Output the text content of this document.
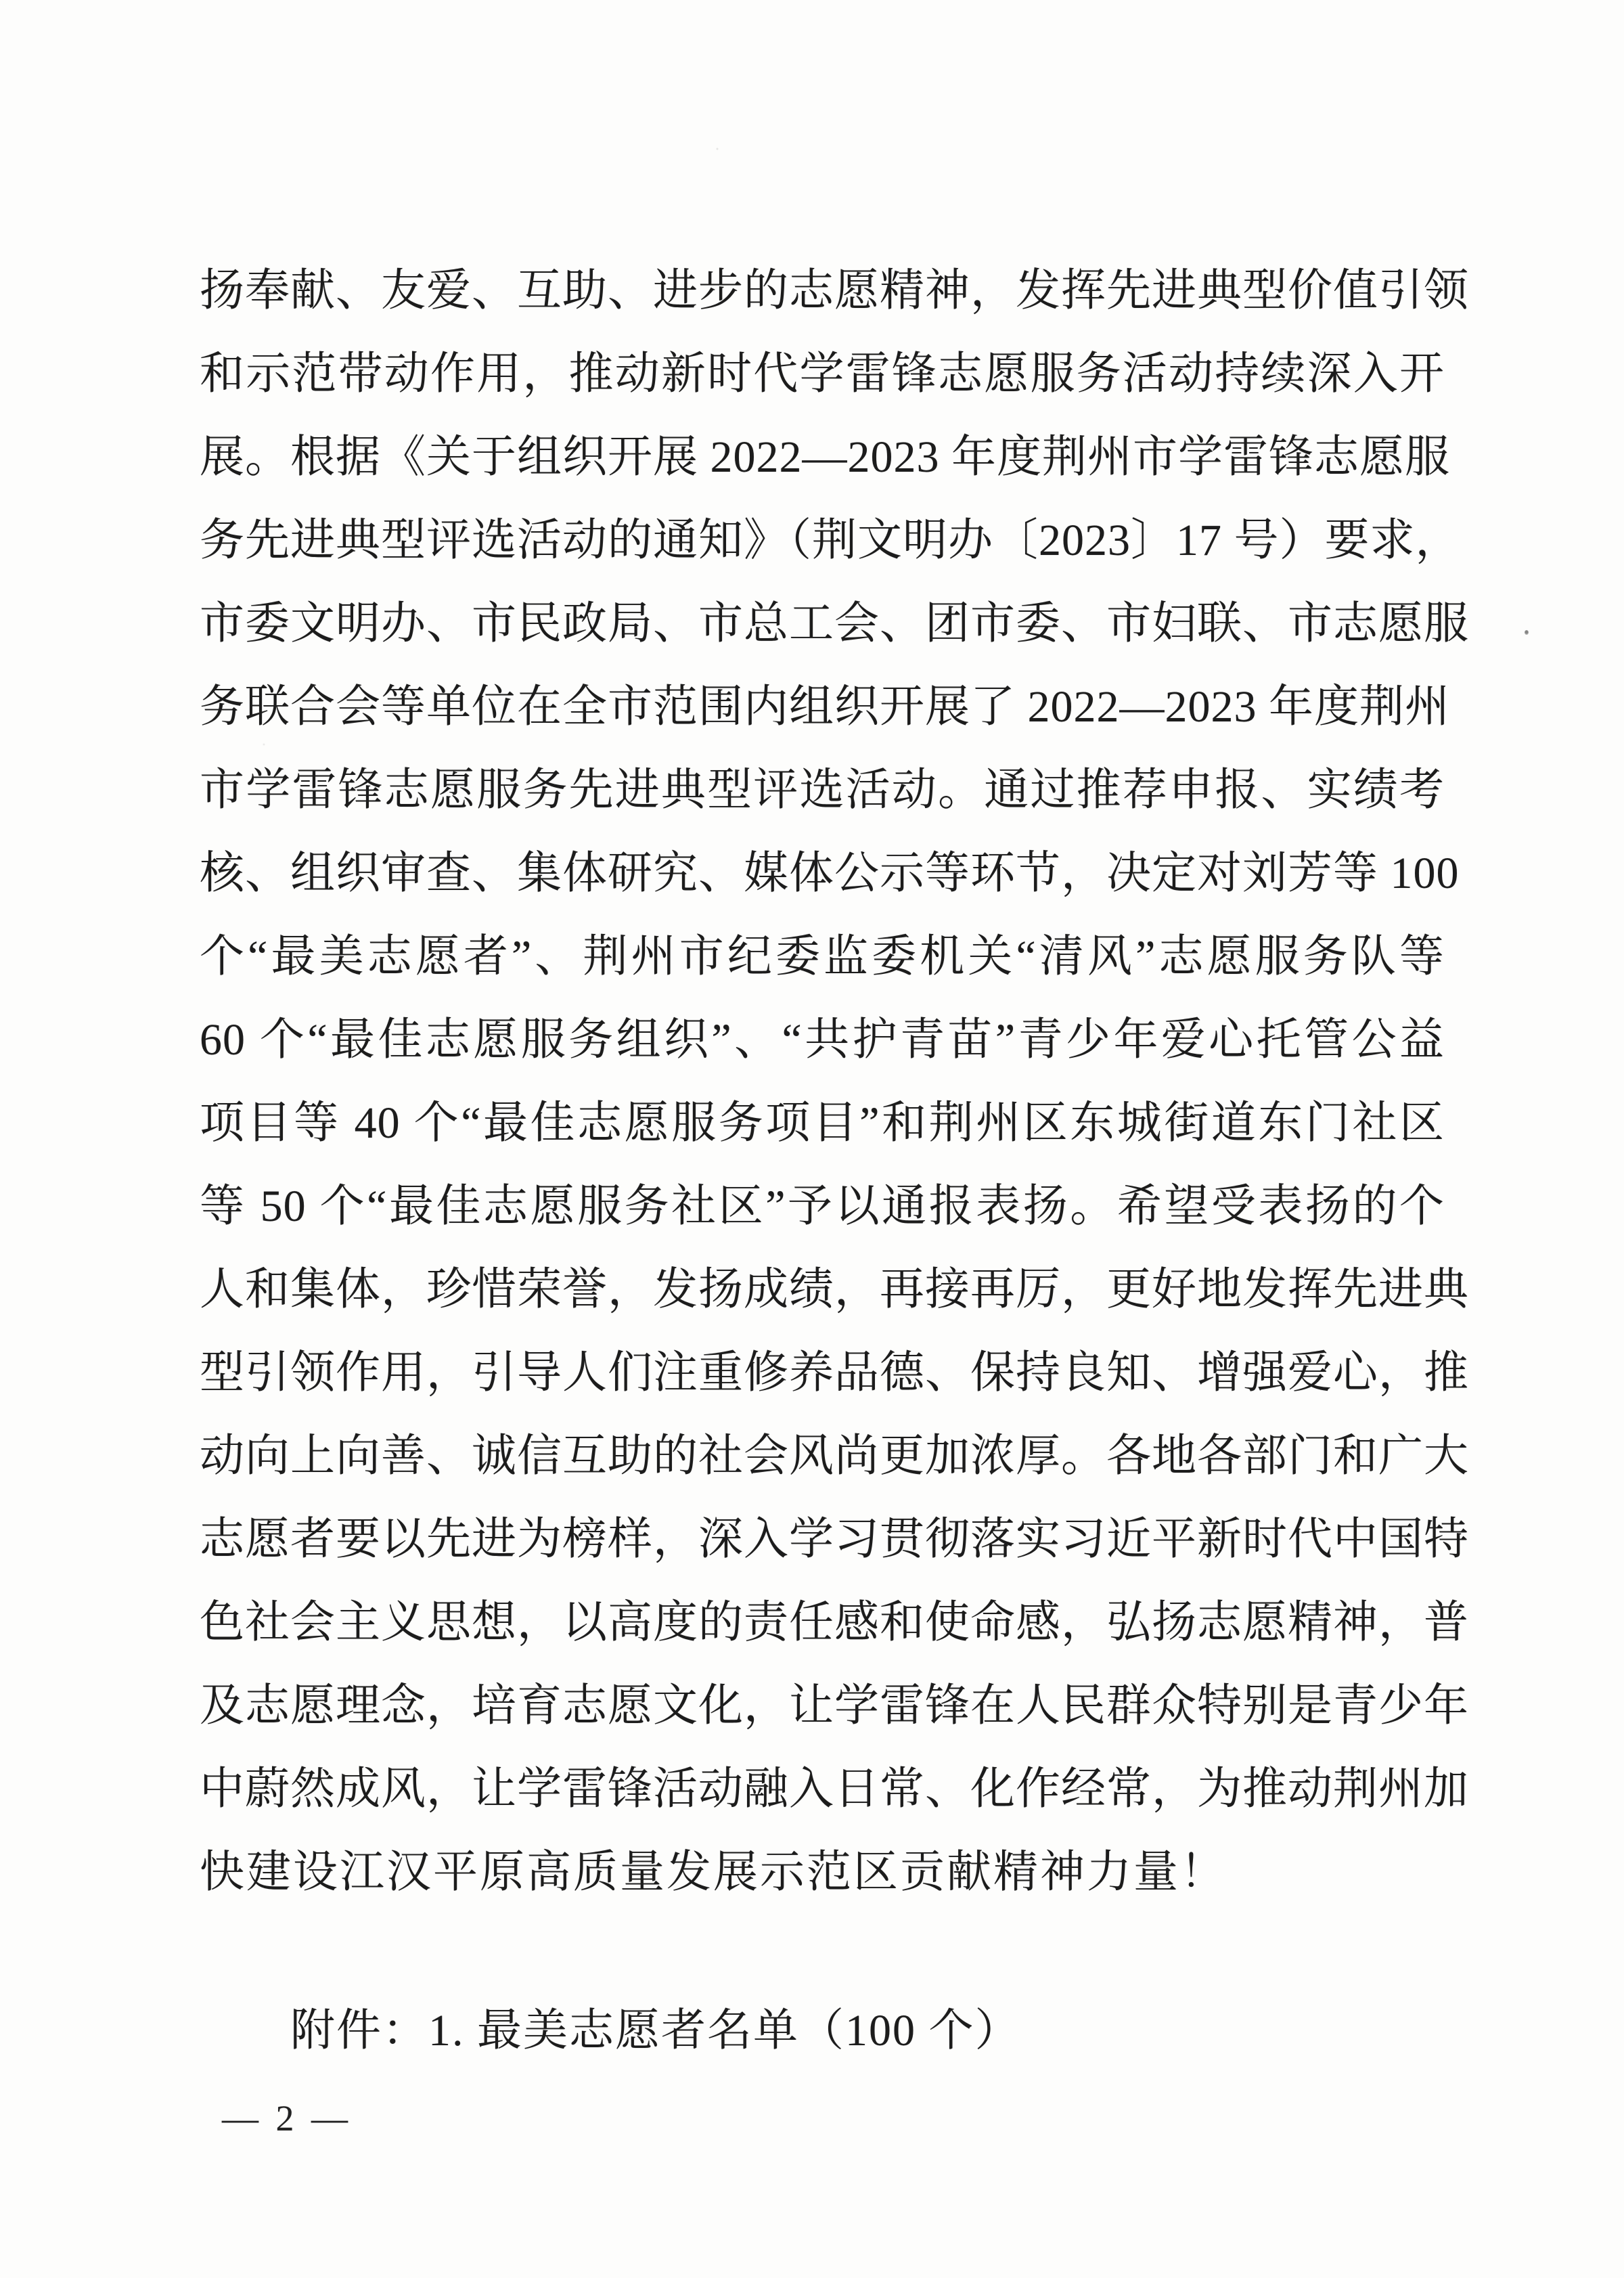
扬奉献、友爱、互助、进步的志愿精神，发挥先进典型价值引领
和示范带动作用，推动新时代学雷锋志愿服务活动持续深入开
展。根据《关于组织开展 2022—2023 年度荆州市学雷锋志愿服
务先进典型评选活动的通知》（荆文明办〔2023〕17 号）要求，
市委文明办、市民政局、市总工会、团市委、市妇联、市志愿服
务联合会等单位在全市范围内组织开展了 2022—2023 年度荆州
市学雷锋志愿服务先进典型评选活动。通过推荐申报、实绩考
核、组织审查、集体研究、媒体公示等环节，决定对刘芳等 100
个“最美志愿者”、荆州市纪委监委机关“清风”志愿服务队等
60 个“最佳志愿服务组织”、“共护青苗”青少年爱心托管公益
项目等 40 个“最佳志愿服务项目”和荆州区东城街道东门社区
等 50 个“最佳志愿服务社区”予以通报表扬。希望受表扬的个
人和集体，珍惜荣誉，发扬成绩，再接再厉，更好地发挥先进典
型引领作用，引导人们注重修养品德、保持良知、增强爱心，推
动向上向善、诚信互助的社会风尚更加浓厚。各地各部门和广大
志愿者要以先进为榜样，深入学习贯彻落实习近平新时代中国特
色社会主义思想，以高度的责任感和使命感，弘扬志愿精神，普
及志愿理念，培育志愿文化，让学雷锋在人民群众特别是青少年
中蔚然成风，让学雷锋活动融入日常、化作经常，为推动荆州加
快建设江汉平原高质量发展示范区贡献精神力量！
附件：1. 最美志愿者名单（100 个）
— 2 —
